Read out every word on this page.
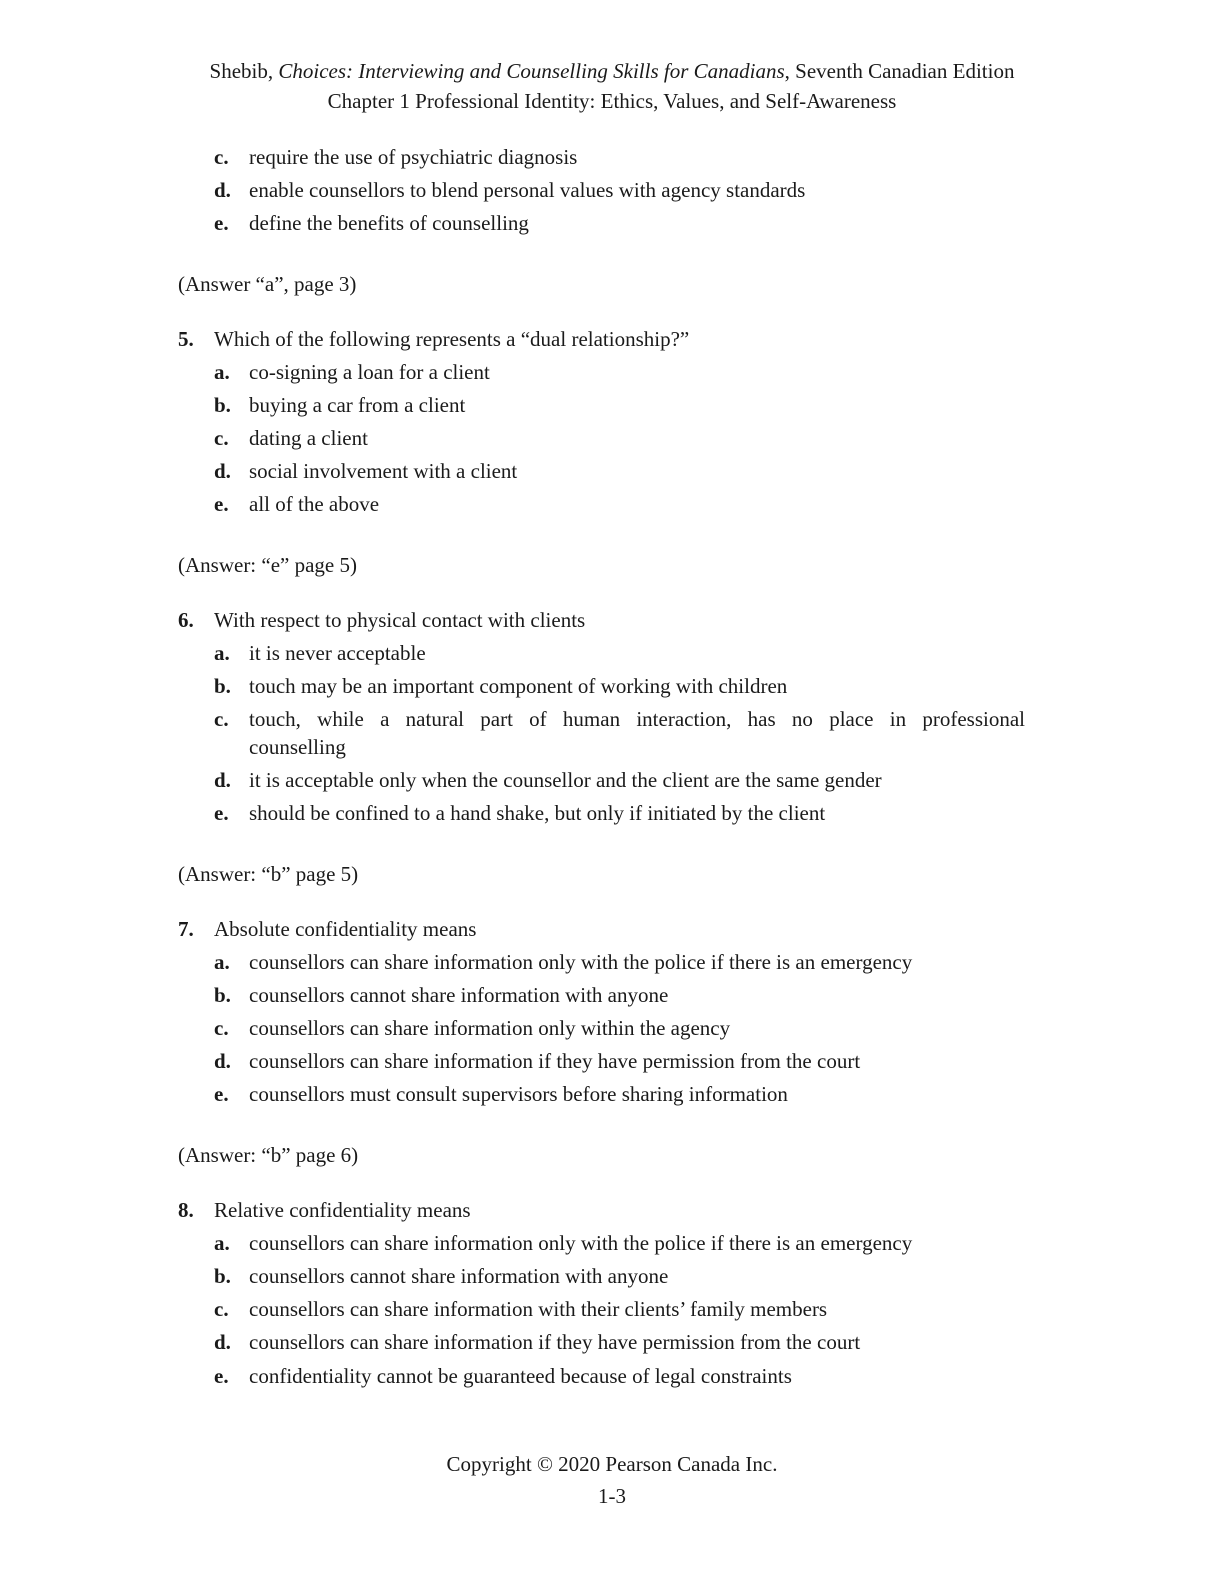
Shebib, Choices: Interviewing and Counselling Skills for Canadians, Seventh Canadian Edition
Chapter 1 Professional Identity: Ethics, Values, and Self-Awareness
c. require the use of psychiatric diagnosis
d. enable counsellors to blend personal values with agency standards
e. define the benefits of counselling
(Answer “a”, page 3)
5. Which of the following represents a “dual relationship?”
a. co-signing a loan for a client
b. buying a car from a client
c. dating a client
d. social involvement with a client
e. all of the above
(Answer: “e” page 5)
6. With respect to physical contact with clients
a. it is never acceptable
b. touch may be an important component of working with children
c. touch, while a natural part of human interaction, has no place in professional
counselling
d. it is acceptable only when the counsellor and the client are the same gender
e. should be confined to a hand shake, but only if initiated by the client
(Answer: “b” page 5)
7. Absolute confidentiality means
a. counsellors can share information only with the police if there is an emergency
b. counsellors cannot share information with anyone
c. counsellors can share information only within the agency
d. counsellors can share information if they have permission from the court
e. counsellors must consult supervisors before sharing information
(Answer: “b” page 6)
8. Relative confidentiality means
a. counsellors can share information only with the police if there is an emergency
b. counsellors cannot share information with anyone
c. counsellors can share information with their clients’ family members
d. counsellors can share information if they have permission from the court
e. confidentiality cannot be guaranteed because of legal constraints
Copyright © 2020 Pearson Canada Inc.
1-3
